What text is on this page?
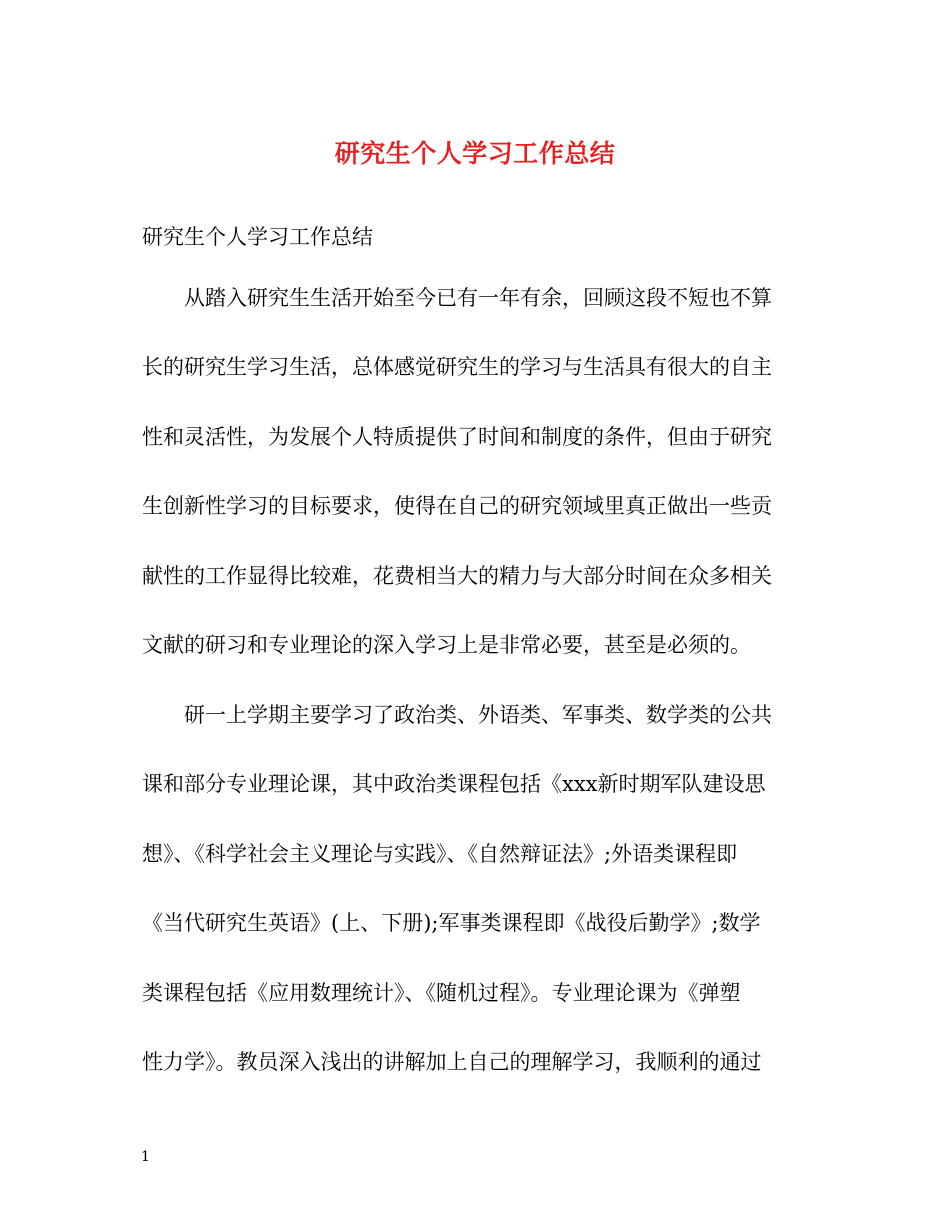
研究生个人学习工作总结

研究生个人学习工作总结

从踏入研究生生活开始至今已有一年有余，回顾这段不短也不算

长的研究生学习生活，总体感觉研究生的学习与生活具有很大的自主

性和灵活性，为发展个人特质提供了时间和制度的条件，但由于研究

生创新性学习的目标要求，使得在自己的研究领域里真正做出一些贡

献性的工作显得比较难，花费相当大的精力与大部分时间在众多相关

文献的研习和专业理论的深入学习上是非常必要，甚至是必须的。

研一上学期主要学习了政治类、外语类、军事类、数学类的公共

课和部分专业理论课，其中政治类课程包括《xxx新时期军队建设思

想》、《科学社会主义理论与实践》、《自然辩证法》;外语类课程即

《当代研究生英语》(上、下册);军事类课程即《战役后勤学》;数学

类课程包括《应用数理统计》、《随机过程》。专业理论课为《弹塑

性力学》。教员深入浅出的讲解加上自己的理解学习，我顺利的通过

1
